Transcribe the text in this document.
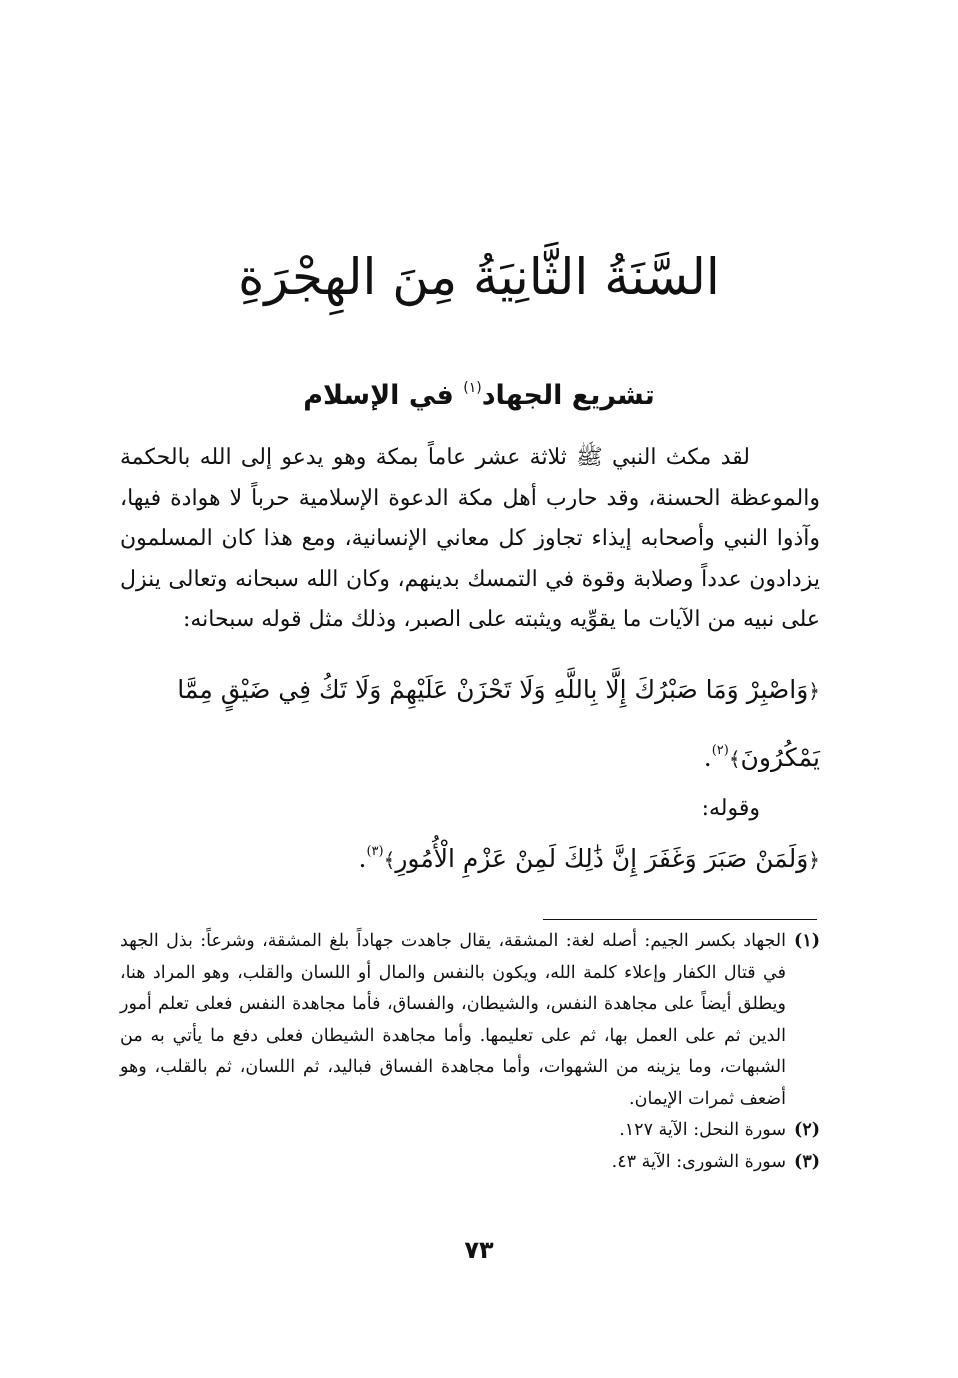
السَّنَةُ الثَّانِيَةُ مِنَ الهِجْرَةِ
تشريع الجهاد$^{(١)}$ في الإسلام

لقد مكث النبي ﷺ ثلاثة عشر عاماً بمكة وهو يدعو إلى الله بالحكمة والموعظة الحسنة، وقد حارب أهل مكة الدعوة الإسلامية حرباً لا هوادة فيها، وآذوا النبي وأصحابه إيذاء تجاوز كل معاني الإنسانية، ومع هذا كان المسلمون يزدادون عدداً وصلابة وقوة في التمسك بدينهم، وكان الله سبحانه وتعالى ينزل على نبيه من الآيات ما يقوِّيه ويثبته على الصبر، وذلك مثل قوله سبحانه:

﴿وَاصْبِرْ وَمَا صَبْرُكَ إِلَّا بِاللَّهِ وَلَا تَحْزَنْ عَلَيْهِمْ وَلَا تَكُ فِي ضَيْقٍ مِمَّا يَمْكُرُونَ﴾$^{(٢)}$.
وقوله:
﴿وَلَمَنْ صَبَرَ وَغَفَرَ إِنَّ ذَٰلِكَ لَمِنْ عَزْمِ الْأُمُورِ﴾$^{(٣)}$.
(١)
الجهاد بكسر الجيم: أصله لغة: المشقة، يقال جاهدت جهاداً بلغ المشقة، وشرعاً: بذل الجهد في قتال الكفار وإعلاء كلمة الله، ويكون بالنفس والمال أو اللسان والقلب، وهو المراد هنا، ويطلق أيضاً على مجاهدة النفس، والشيطان، والفساق، فأما مجاهدة النفس فعلى تعلم أمور الدين ثم على العمل بها، ثم على تعليمها. وأما مجاهدة الشيطان فعلى دفع ما يأتي به من الشبهات، وما يزينه من الشهوات، وأما مجاهدة الفساق فباليد، ثم اللسان، ثم بالقلب، وهو أضعف ثمرات الإيمان.
(٢)
سورة النحل: الآية ١٢٧.
(٣)
سورة الشورى: الآية ٤٣.
٧٣
